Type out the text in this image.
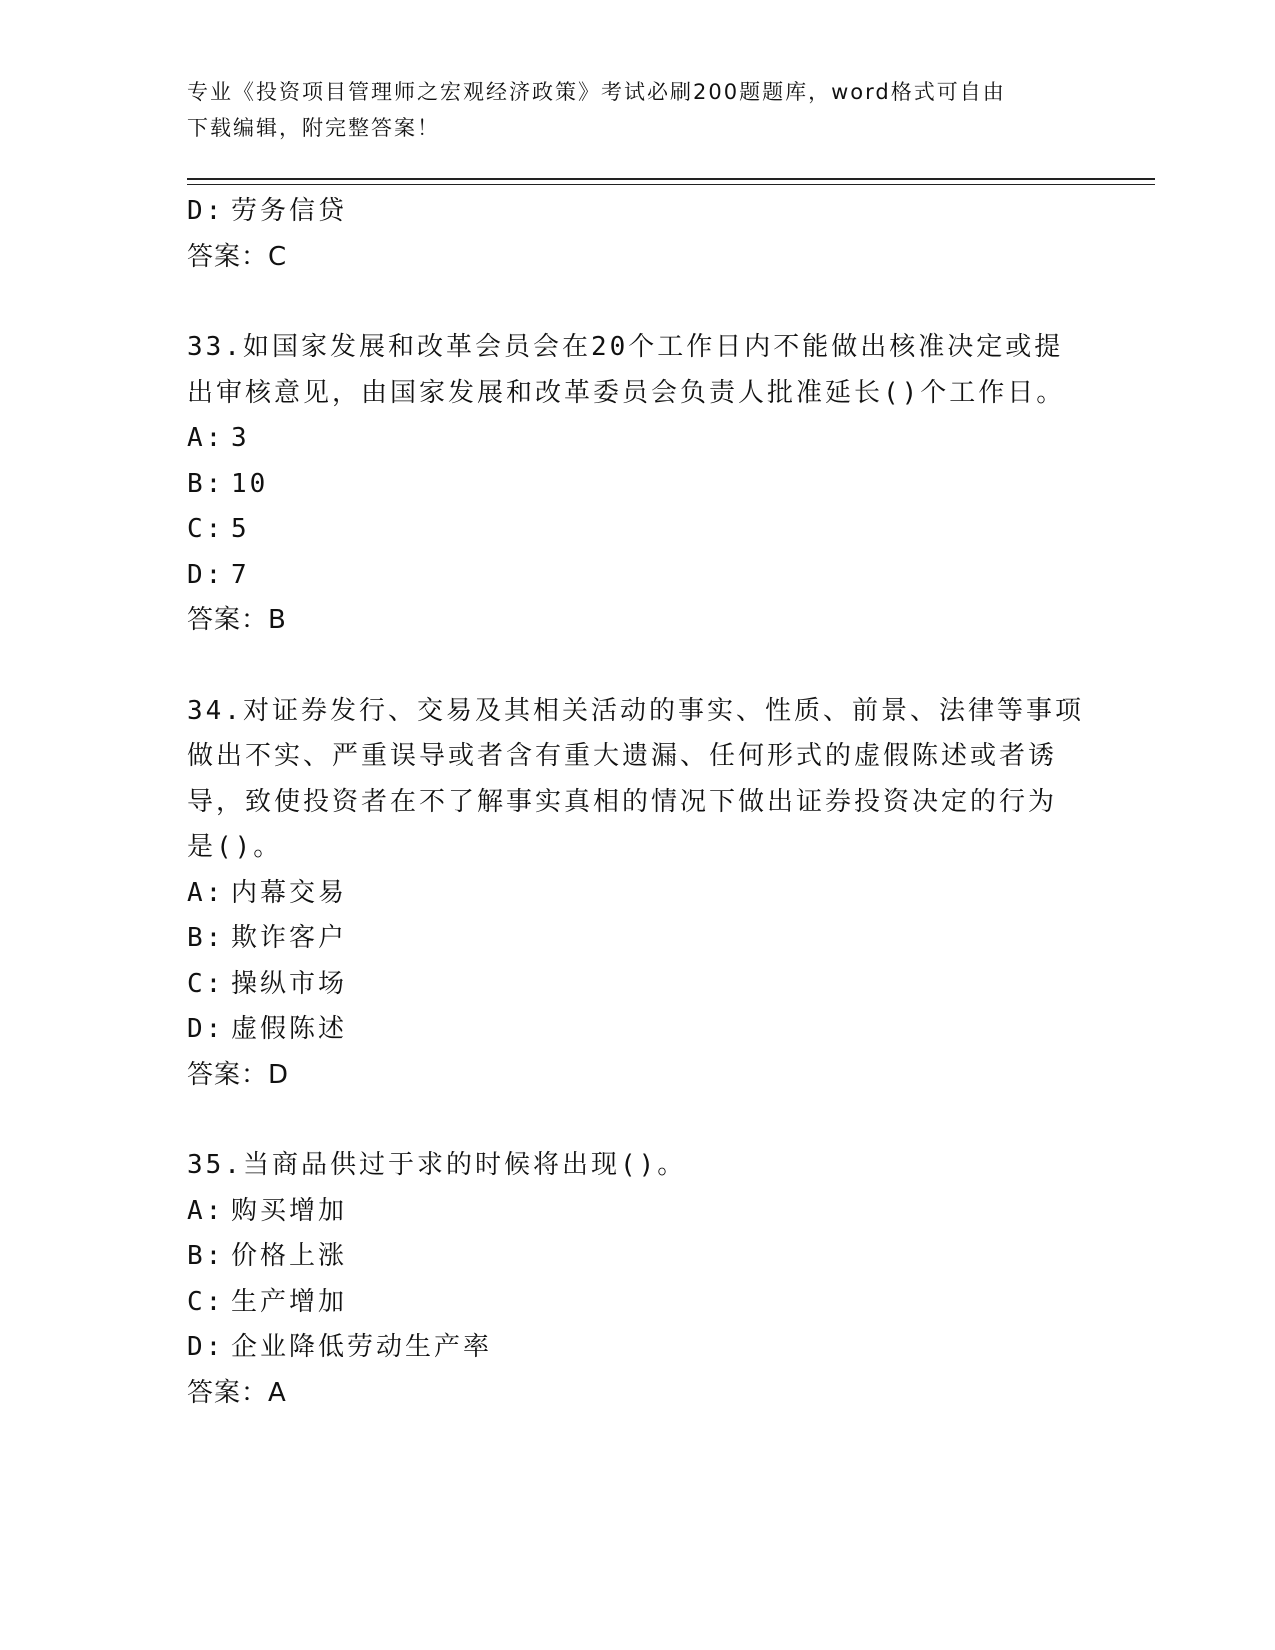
专业《投资项目管理师之宏观经济政策》考试必刷200题题库，word格式可自由
下载编辑，附完整答案！
D: 劳务信贷
答案：C
33.如国家发展和改革会员会在20个工作日内不能做出核准决定或提
出审核意见，由国家发展和改革委员会负责人批准延长()个工作日。
A: 3
B: 10
C: 5
D: 7
答案：B
34.对证券发行、交易及其相关活动的事实、性质、前景、法律等事项
做出不实、严重误导或者含有重大遗漏、任何形式的虚假陈述或者诱
导，致使投资者在不了解事实真相的情况下做出证券投资决定的行为
是()。
A: 内幕交易
B: 欺诈客户
C: 操纵市场
D: 虚假陈述
答案：D
35.当商品供过于求的时候将出现()。
A: 购买增加
B: 价格上涨
C: 生产增加
D: 企业降低劳动生产率
答案：A
